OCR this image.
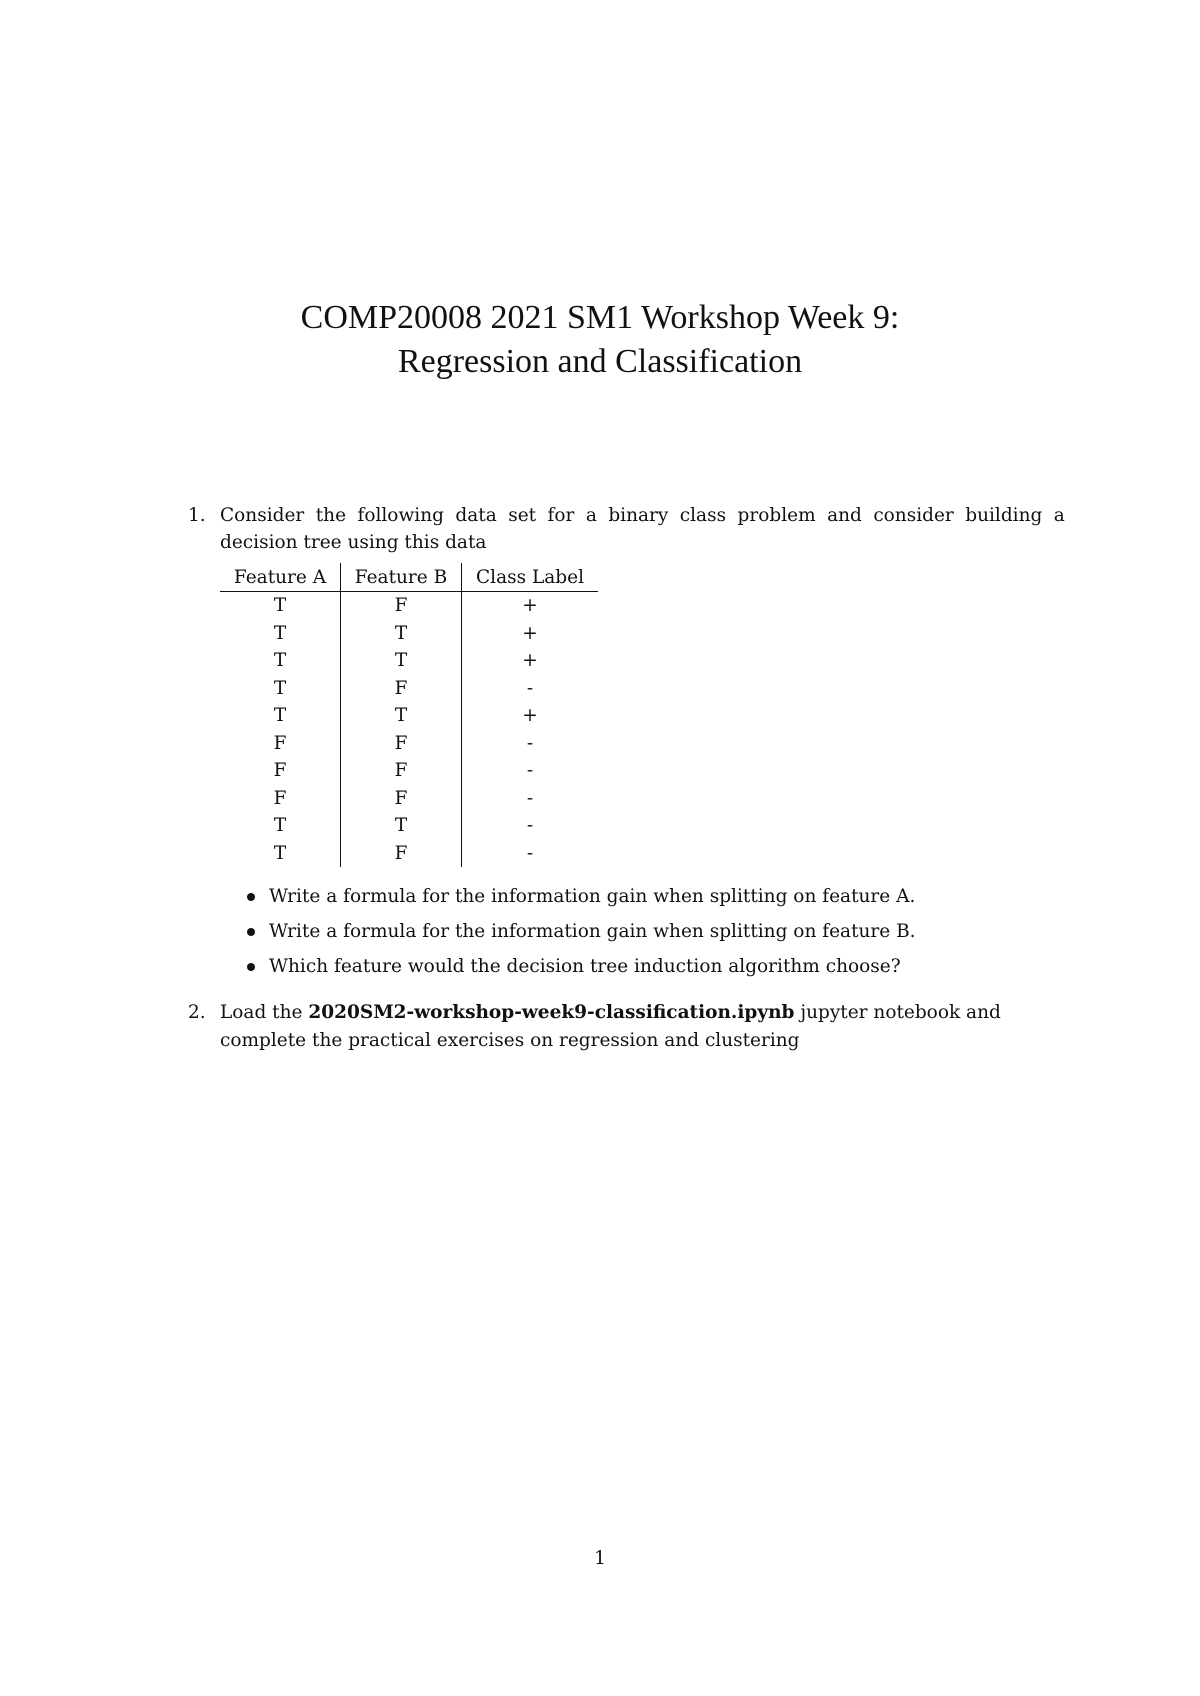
COMP20008 2021 SM1 Workshop Week 9:
Regression and Classification
1. Consider the following data set for a binary class problem and consider building a
decision tree using this data
Feature A	Feature B	Class Label
T	F	+
T	T	+
T	T	+
T	F	-
T	T	+
F	F	-
F	F	-
F	F	-
T	T	-
T	F	-
Write a formula for the information gain when splitting on feature A.
Write a formula for the information gain when splitting on feature B.
Which feature would the decision tree induction algorithm choose?
2. Load the 2020SM2-workshop-week9-classification.ipynb jupyter notebook and
complete the practical exercises on regression and clustering
1
